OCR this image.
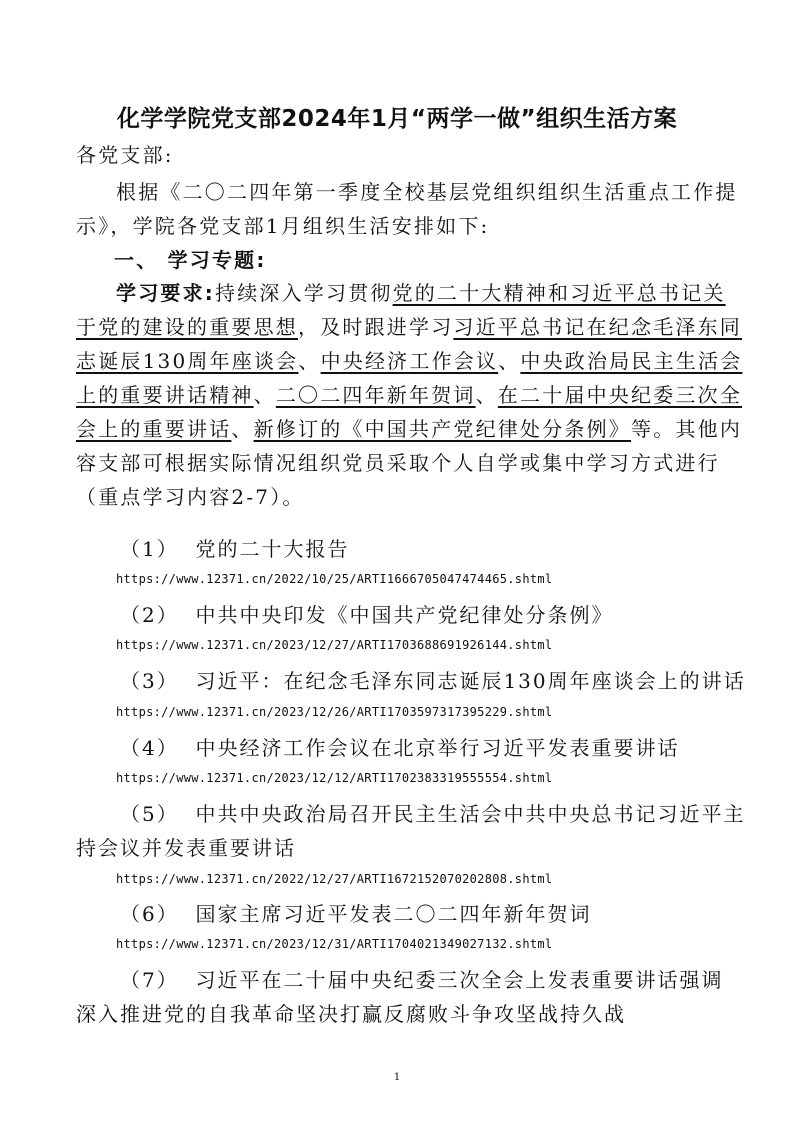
化学学院党支部2024年1月“两学一做”组织生活方案
各党支部:
根据《二〇二四年第一季度全校基层党组织组织生活重点工作提
示》，学院各党支部1月组织生活安排如下:
一、 学习专题:
学习要求:持续深入学习贯彻党的二十大精神和习近平总书记关
于党的建设的重要思想，及时跟进学习习近平总书记在纪念毛泽东同
志诞辰130周年座谈会、中央经济工作会议、中央政治局民主生活会
上的重要讲话精神、二〇二四年新年贺词、在二十届中央纪委三次全
会上的重要讲话、新修订的《中国共产党纪律处分条例》等。其他内
容支部可根据实际情况组织党员采取个人自学或集中学习方式进行
（重点学习内容2-7）。
（1） 党的二十大报告
https://www.12371.cn/2022/10/25/ARTI1666705047474465.shtml
（2） 中共中央印发《中国共产党纪律处分条例》
https://www.12371.cn/2023/12/27/ARTI1703688691926144.shtml
（3） 习近平：在纪念毛泽东同志诞辰130周年座谈会上的讲话
https://www.12371.cn/2023/12/26/ARTI1703597317395229.shtml
（4） 中央经济工作会议在北京举行习近平发表重要讲话
https://www.12371.cn/2023/12/12/ARTI1702383319555554.shtml
（5） 中共中央政治局召开民主生活会中共中央总书记习近平主
持会议并发表重要讲话
https://www.12371.cn/2022/12/27/ARTI1672152070202808.shtml
（6） 国家主席习近平发表二〇二四年新年贺词
https://www.12371.cn/2023/12/31/ARTI1704021349027132.shtml
（7） 习近平在二十届中央纪委三次全会上发表重要讲话强调
深入推进党的自我革命坚决打赢反腐败斗争攻坚战持久战
1
